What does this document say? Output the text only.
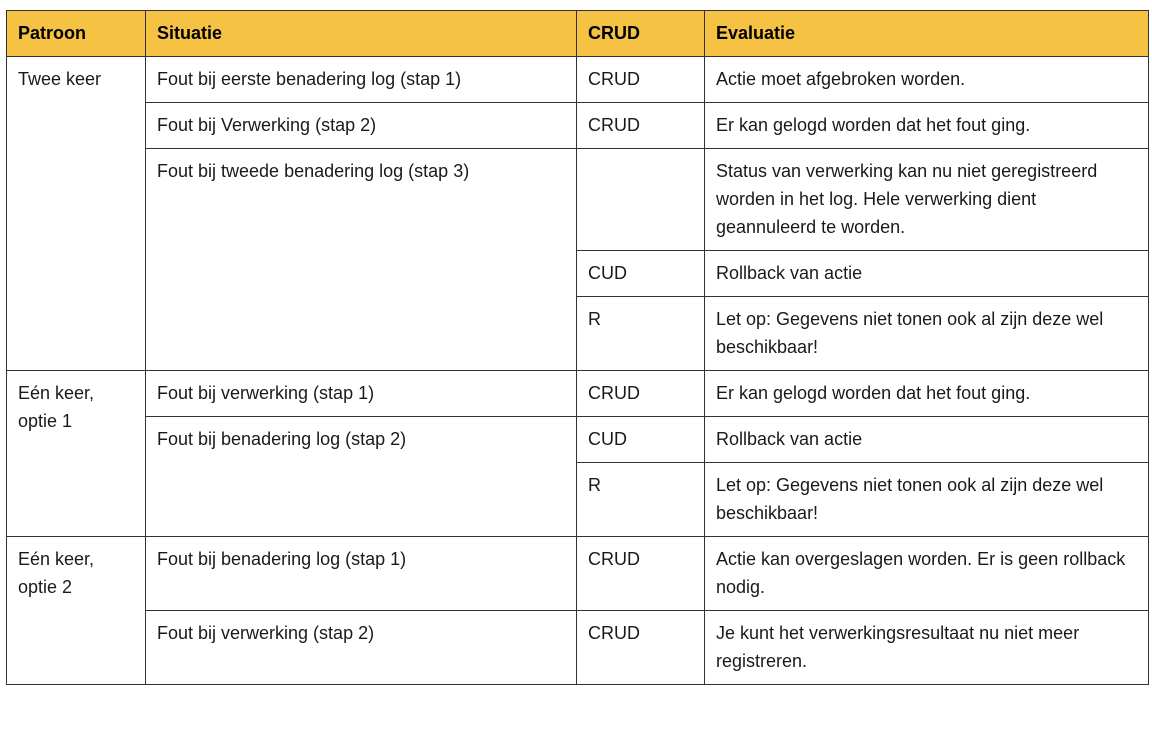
Patroon	Situatie	CRUD	Evaluatie
Twee keer	Fout bij eerste benadering log (stap 1)	CRUD	Actie moet afgebroken worden.
	Fout bij Verwerking (stap 2)	CRUD	Er kan gelogd worden dat het fout ging.
	Fout bij tweede benadering log (stap 3)		Status van verwerking kan nu niet geregistreerd worden in het log. Hele verwerking dient geannuleerd te worden.
		CUD	Rollback van actie
		R	Let op: Gegevens niet tonen ook al zijn deze wel beschikbaar!
Eén keer, optie 1	Fout bij verwerking (stap 1)	CRUD	Er kan gelogd worden dat het fout ging.
	Fout bij benadering log (stap 2)	CUD	Rollback van actie
		R	Let op: Gegevens niet tonen ook al zijn deze wel beschikbaar!
Eén keer, optie 2	Fout bij benadering log (stap 1)	CRUD	Actie kan overgeslagen worden. Er is geen rollback nodig.
	Fout bij verwerking (stap 2)	CRUD	Je kunt het verwerkingsresultaat nu niet meer registreren.
